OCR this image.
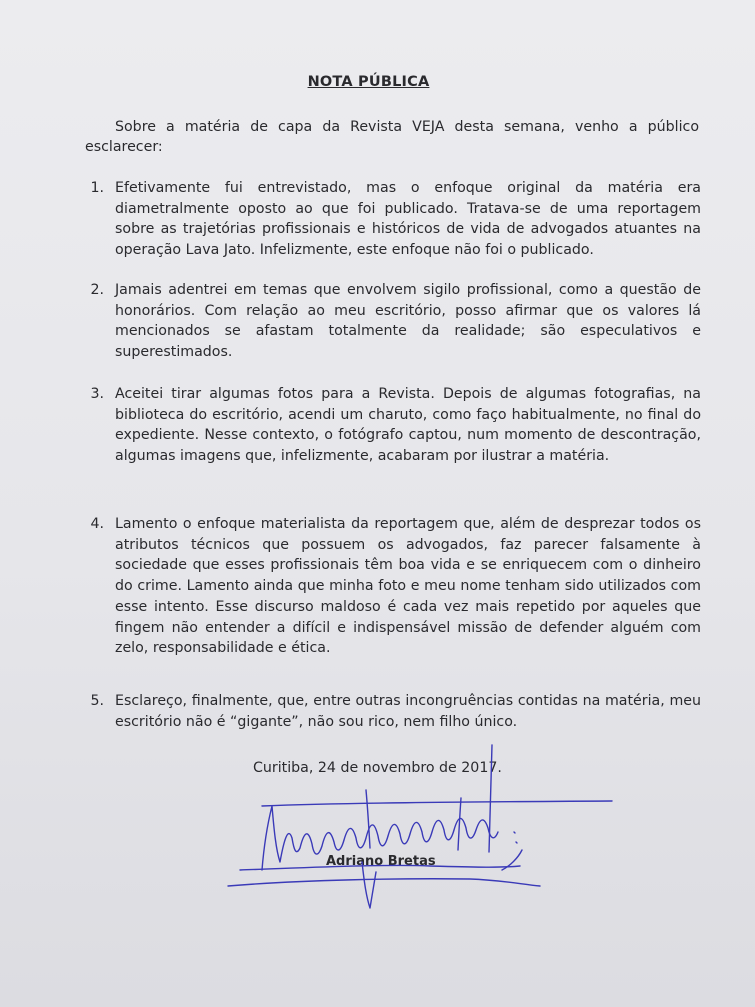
NOTA PÚBLICA
Sobre a matéria de capa da Revista VEJA desta semana, venho a público esclarecer:
1. Efetivamente fui entrevistado, mas o enfoque original da matéria era diametralmente oposto ao que foi publicado. Tratava-se de uma reportagem sobre as trajetórias profissionais e históricos de vida de advogados atuantes na operação Lava Jato. Infelizmente, este enfoque não foi o publicado.
2. Jamais adentrei em temas que envolvem sigilo profissional, como a questão de honorários. Com relação ao meu escritório, posso afirmar que os valores lá mencionados se afastam totalmente da realidade; são especulativos e superestimados.
3. Aceitei tirar algumas fotos para a Revista. Depois de algumas fotografias, na biblioteca do escritório, acendi um charuto, como faço habitualmente, no final do expediente. Nesse contexto, o fotógrafo captou, num momento de descontração, algumas imagens que, infelizmente, acabaram por ilustrar a matéria.
4. Lamento o enfoque materialista da reportagem que, além de desprezar todos os atributos técnicos que possuem os advogados, faz parecer falsamente à sociedade que esses profissionais têm boa vida e se enriquecem com o dinheiro do crime. Lamento ainda que minha foto e meu nome tenham sido utilizados com esse intento. Esse discurso maldoso é cada vez mais repetido por aqueles que fingem não entender a difícil e indispensável missão de defender alguém com zelo, responsabilidade e ética.
5. Esclareço, finalmente, que, entre outras incongruências contidas na matéria, meu escritório não é “gigante”, não sou rico, nem filho único.
Curitiba, 24 de novembro de 2017.
Adriano Bretas
